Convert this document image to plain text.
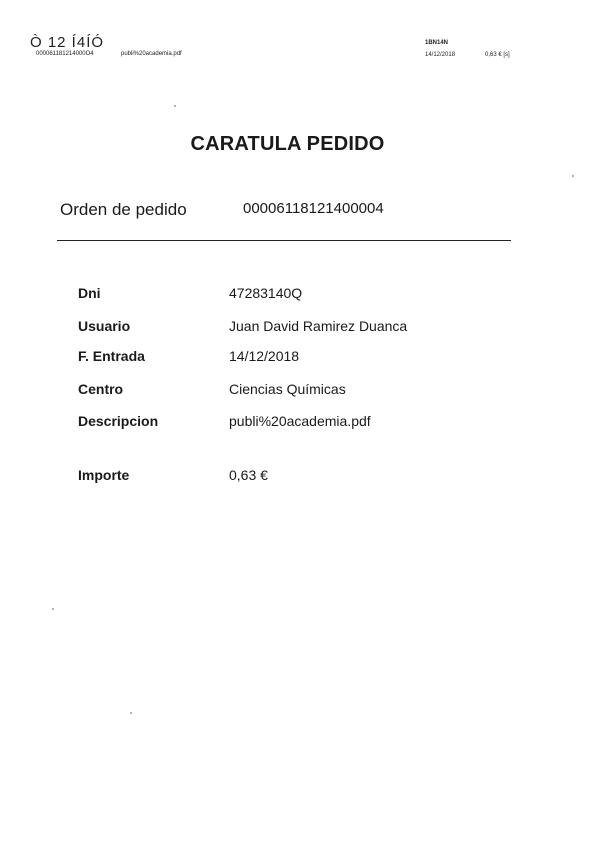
Ò 12 Í4ÍÓ
000061181214000O4	publi%20academia.pdf
1BN14N
14/12/2018	0,63 € [s]
CARATULA PEDIDO
Orden de pedido	00006118121400004
Dni	47283140Q
Usuario	Juan David Ramirez Duanca
F. Entrada	14/12/2018
Centro	Ciencias Químicas
Descripcion	publi%20academia.pdf
Importe	0,63 €
